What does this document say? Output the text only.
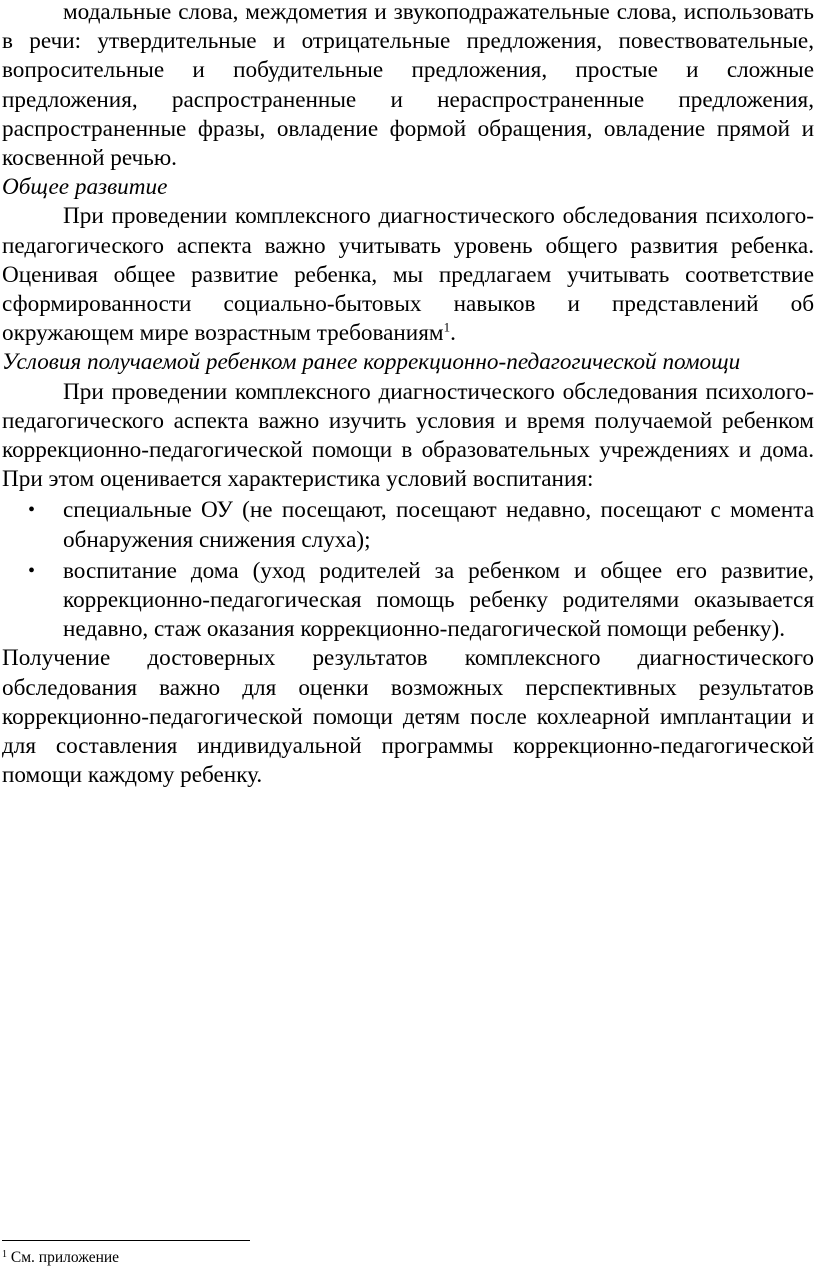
модальные слова, междометия и звукоподражательные слова, использовать в речи: утвердительные и отрицательные предложения, повествовательные, вопросительные и побудительные предложения, простые и сложные предложения, распространенные и нераспространенные предложения, распространенные фразы, овладение формой обращения, овладение прямой и косвенной речью.

Общее развитие

При проведении комплексного диагностического обследования психолого-педагогического аспекта важно учитывать уровень общего развития ребенка. Оценивая общее развитие ребенка, мы предлагаем учитывать соответствие сформированности социально-бытовых навыков и представлений об окружающем мире возрастным требованиям$^1$.

Условия получаемой ребенком ранее коррекционно-педагогической помощи

При проведении комплексного диагностического обследования психолого-педагогического аспекта важно изучить условия и время получаемой ребенком коррекционно-педагогической помощи в образовательных учреждениях и дома. При этом оценивается характеристика условий воспитания:

• специальные ОУ (не посещают, посещают недавно, посещают с момента обнаружения снижения слуха);
• воспитание дома (уход родителей за ребенком и общее его развитие, коррекционно-педагогическая помощь ребенку родителями оказывается недавно, стаж оказания коррекционно-педагогической помощи ребенку).

Получение достоверных результатов комплексного диагностического обследования важно для оценки возможных перспективных результатов коррекционно-педагогической помощи детям после кохлеарной имплантации и для составления индивидуальной программы коррекционно-педагогической помощи каждому ребенку.

$^1$ См. приложение
